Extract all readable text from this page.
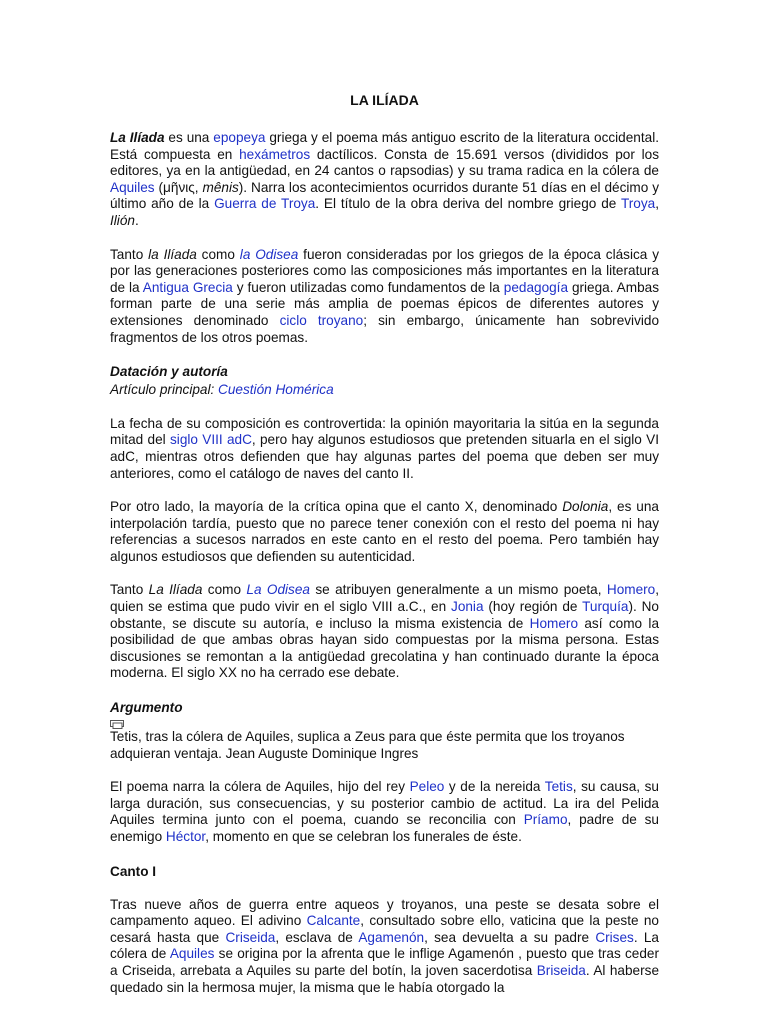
LA ILÍADA

La Ilíada es una epopeya griega y el poema más antiguo escrito de la literatura occidental. Está compuesta en hexámetros dactílicos. Consta de 15.691 versos (divididos por los editores, ya en la antigüedad, en 24 cantos o rapsodias) y su trama radica en la cólera de Aquiles (μῆνις, mênis). Narra los acontecimientos ocurridos durante 51 días en el décimo y último año de la Guerra de Troya. El título de la obra deriva del nombre griego de Troya, Ilión.

Tanto la Ilíada como la Odisea fueron consideradas por los griegos de la época clásica y por las generaciones posteriores como las composiciones más importantes en la literatura de la Antigua Grecia y fueron utilizadas como fundamentos de la pedagogía griega. Ambas forman parte de una serie más amplia de poemas épicos de diferentes autores y extensiones denominado ciclo troyano; sin embargo, únicamente han sobrevivido fragmentos de los otros poemas.

Datación y autoría
Artículo principal: Cuestión Homérica

La fecha de su composición es controvertida: la opinión mayoritaria la sitúa en la segunda mitad del siglo VIII adC, pero hay algunos estudiosos que pretenden situarla en el siglo VI adC, mientras otros defienden que hay algunas partes del poema que deben ser muy anteriores, como el catálogo de naves del canto II.

Por otro lado, la mayoría de la crítica opina que el canto X, denominado Dolonia, es una interpolación tardía, puesto que no parece tener conexión con el resto del poema ni hay referencias a sucesos narrados en este canto en el resto del poema. Pero también hay algunos estudiosos que defienden su autenticidad.

Tanto La Ilíada como La Odisea se atribuyen generalmente a un mismo poeta, Homero, quien se estima que pudo vivir en el siglo VIII a.C., en Jonia (hoy región de Turquía). No obstante, se discute su autoría, e incluso la misma existencia de Homero así como la posibilidad de que ambas obras hayan sido compuestas por la misma persona. Estas discusiones se remontan a la antigüedad grecolatina y han continuado durante la época moderna. El siglo XX no ha cerrado ese debate.

Argumento

Tetis, tras la cólera de Aquiles, suplica a Zeus para que éste permita que los troyanos adquieran ventaja. Jean Auguste Dominique Ingres

El poema narra la cólera de Aquiles, hijo del rey Peleo y de la nereida Tetis, su causa, su larga duración, sus consecuencias, y su posterior cambio de actitud. La ira del Pelida Aquiles termina junto con el poema, cuando se reconcilia con Príamo, padre de su enemigo Héctor, momento en que se celebran los funerales de éste.

Canto I

Tras nueve años de guerra entre aqueos y troyanos, una peste se desata sobre el campamento aqueo. El adivino Calcante, consultado sobre ello, vaticina que la peste no cesará hasta que Criseida, esclava de Agamenón, sea devuelta a su padre Crises. La cólera de Aquiles se origina por la afrenta que le inflige Agamenón , puesto que tras ceder a Criseida, arrebata a Aquiles su parte del botín, la joven sacerdotisa Briseida. Al haberse quedado sin la hermosa mujer, la misma que le había otorgado la
